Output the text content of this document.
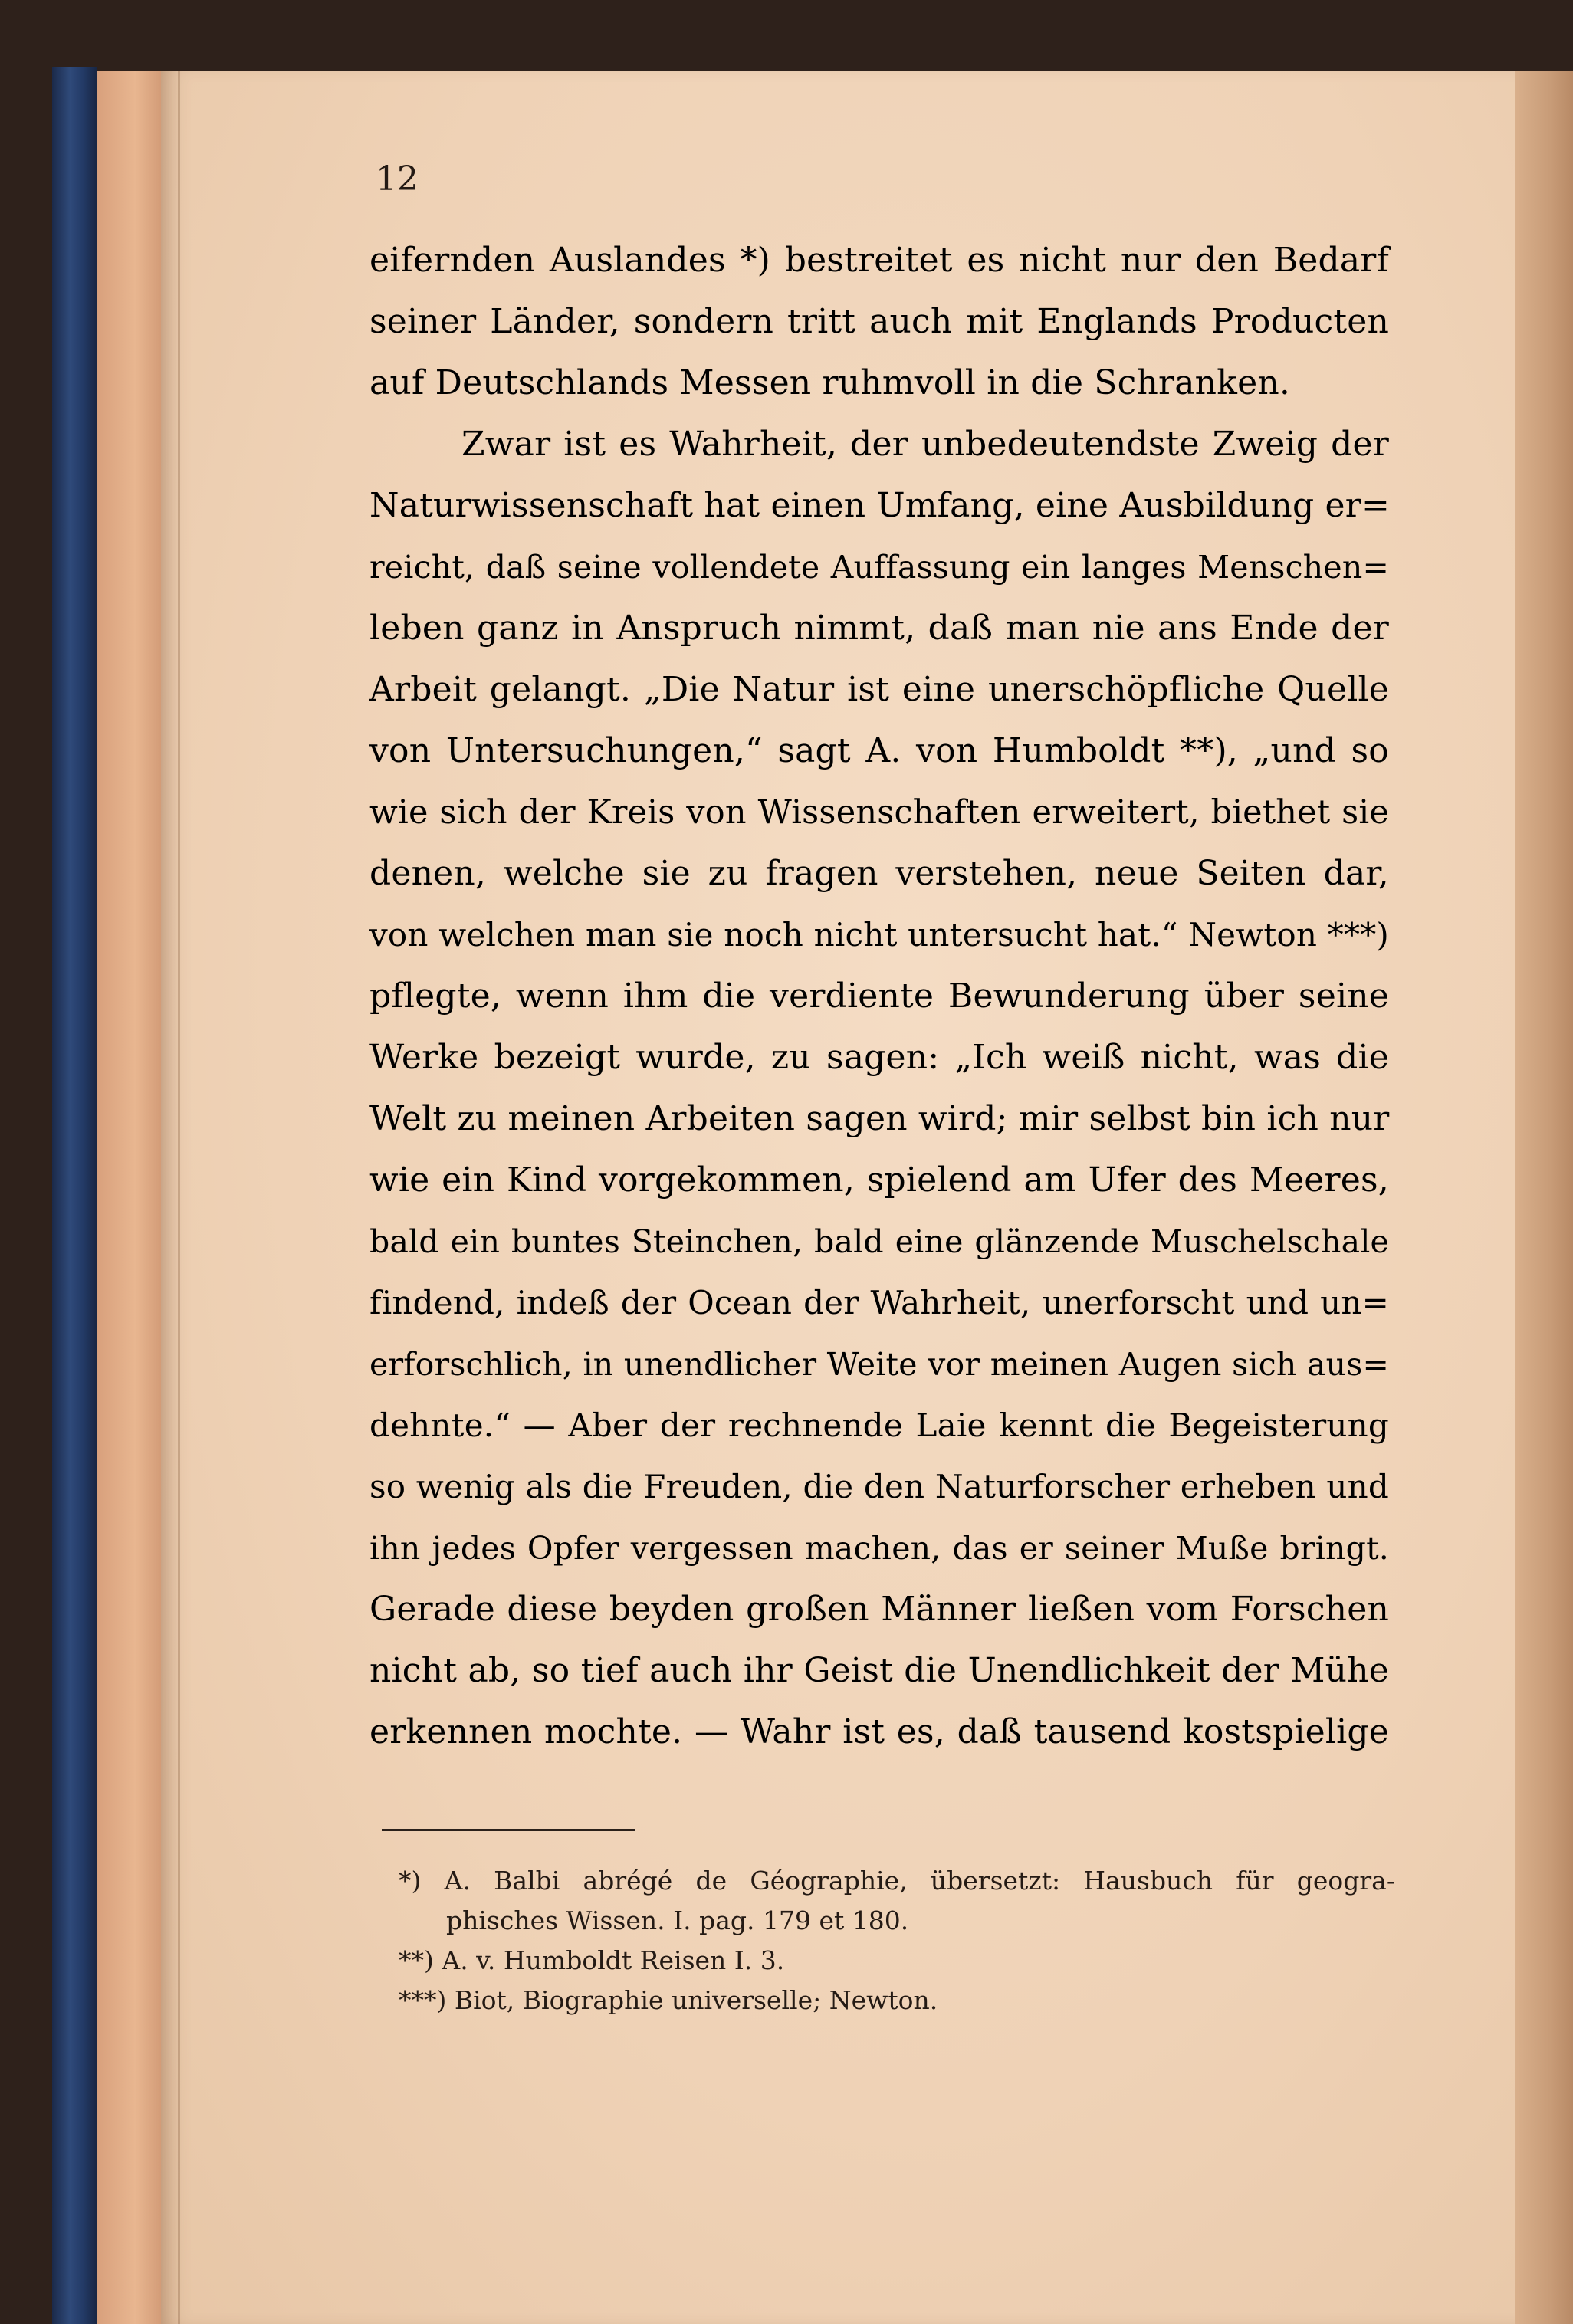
12
eifernden Auslandes *) bestreitet es nicht nur den Bedarf
seiner Länder, sondern tritt auch mit Englands Producten
auf Deutschlands Messen ruhmvoll in die Schranken.
Zwar ist es Wahrheit, der unbedeutendste Zweig der
Naturwissenschaft hat einen Umfang, eine Ausbildung er=
reicht, daß seine vollendete Auffassung ein langes Menschen=
leben ganz in Anspruch nimmt, daß man nie ans Ende der
Arbeit gelangt. „Die Natur ist eine unerschöpfliche Quelle
von Untersuchungen,“ sagt A. von Humboldt **), „und so
wie sich der Kreis von Wissenschaften erweitert, biethet sie
denen, welche sie zu fragen verstehen, neue Seiten dar,
von welchen man sie noch nicht untersucht hat.“ Newton ***)
pflegte, wenn ihm die verdiente Bewunderung über seine
Werke bezeigt wurde, zu sagen: „Ich weiß nicht, was die
Welt zu meinen Arbeiten sagen wird; mir selbst bin ich nur
wie ein Kind vorgekommen, spielend am Ufer des Meeres,
bald ein buntes Steinchen, bald eine glänzende Muschelschale
findend, indeß der Ocean der Wahrheit, unerforscht und un=
erforschlich, in unendlicher Weite vor meinen Augen sich aus=
dehnte.“ — Aber der rechnende Laie kennt die Begeisterung
so wenig als die Freuden, die den Naturforscher erheben und
ihn jedes Opfer vergessen machen, das er seiner Muße bringt.
Gerade diese beyden großen Männer ließen vom Forschen
nicht ab, so tief auch ihr Geist die Unendlichkeit der Mühe
erkennen mochte. — Wahr ist es, daß tausend kostspielige
*) A. Balbi abrégé de Géographie, übersetzt: Hausbuch für geogra-
phisches Wissen. I. pag. 179 et 180.
**) A. v. Humboldt Reisen I. 3.
***) Biot, Biographie universelle; Newton.
